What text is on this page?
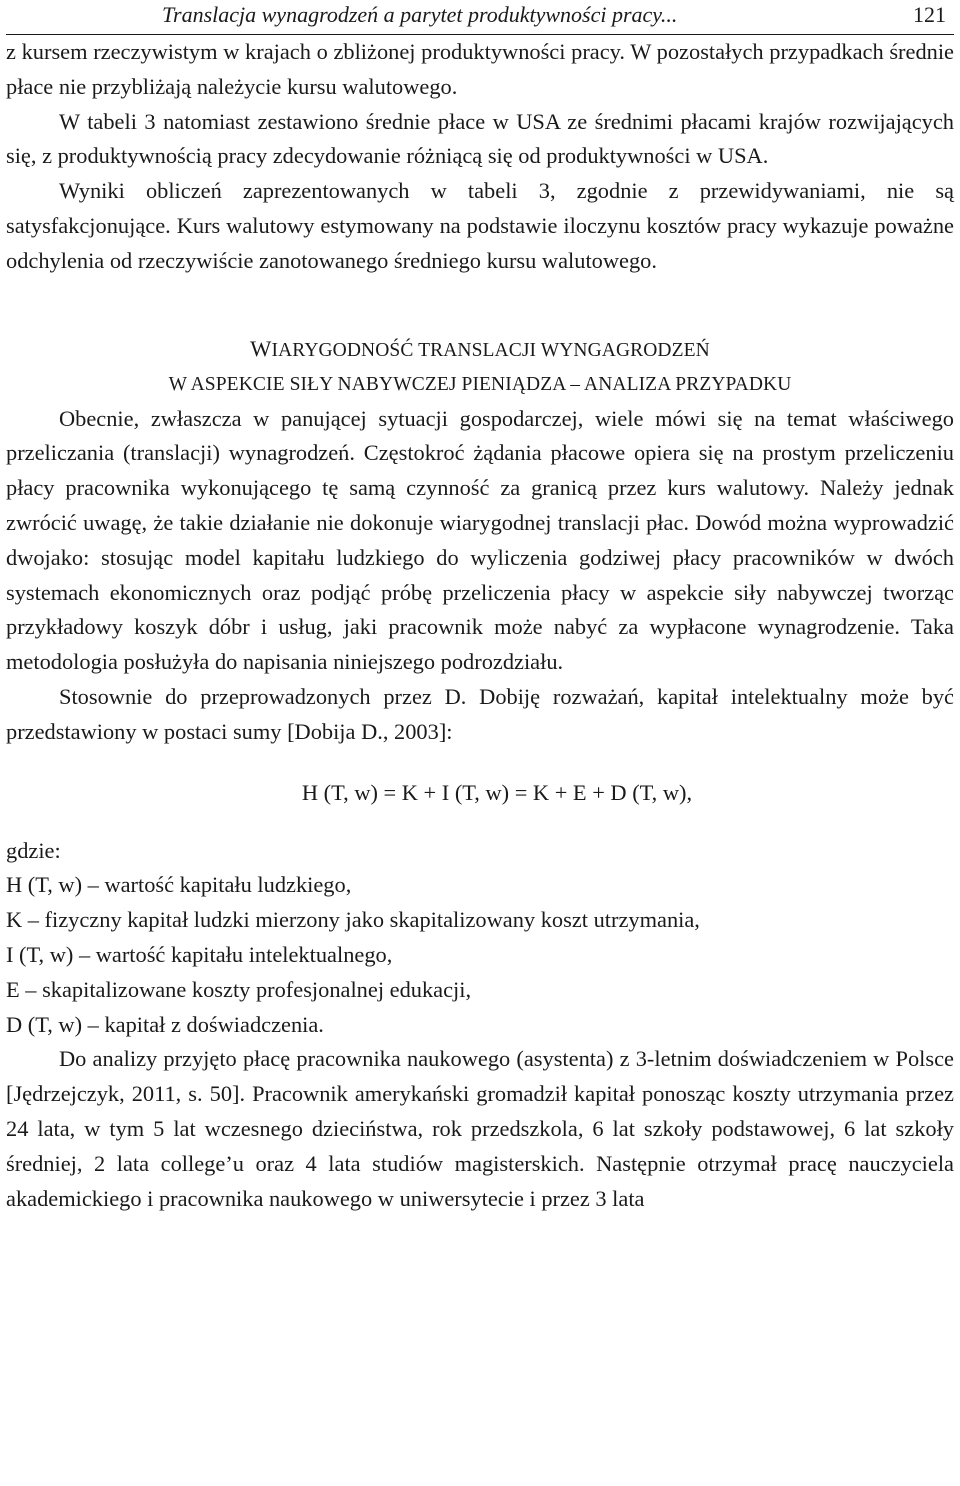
Translacja wynagrodzeń a parytet produktywności pracy...	121

z kursem rzeczywistym w krajach o zbliżonej produktywności pracy. W pozostałych przypadkach średnie płace nie przybliżają należycie kursu walutowego.

W tabeli 3 natomiast zestawiono średnie płace w USA ze średnimi płacami krajów rozwijających się, z produktywnością pracy zdecydowanie różniącą się od produktywności w USA.

Wyniki obliczeń zaprezentowanych w tabeli 3, zgodnie z przewidywaniami, nie są satysfakcjonujące. Kurs walutowy estymowany na podstawie iloczynu kosztów pracy wykazuje poważne odchylenia od rzeczywiście zanotowanego średniego kursu walutowego.

WIARYGODNOŚĆ TRANSLACJI WYNGAGRODZEŃ
W ASPEKCIE SIŁY NABYWCZEJ PIENIĄDZA – ANALIZA PRZYPADKU

Obecnie, zwłaszcza w panującej sytuacji gospodarczej, wiele mówi się na temat właściwego przeliczania (translacji) wynagrodzeń. Częstokroć żądania płacowe opiera się na prostym przeliczeniu płacy pracownika wykonującego tę samą czynność za granicą przez kurs walutowy. Należy jednak zwrócić uwagę, że takie działanie nie dokonuje wiarygodnej translacji płac. Dowód można wyprowadzić dwojako: stosując model kapitału ludzkiego do wyliczenia godziwej płacy pracowników w dwóch systemach ekonomicznych oraz podjąć próbę przeliczenia płacy w aspekcie siły nabywczej tworząc przykładowy koszyk dóbr i usług, jaki pracownik może nabyć za wypłacone wynagrodzenie. Taka metodologia posłużyła do napisania niniejszego podrozdziału.

Stosownie do przeprowadzonych przez D. Dobiję rozważań, kapitał intelektualny może być przedstawiony w postaci sumy [Dobija D., 2003]:

H (T, w) = K + I (T, w) = K + E + D (T, w),

gdzie:

H (T, w) – wartość kapitału ludzkiego,

K – fizyczny kapitał ludzki mierzony jako skapitalizowany koszt utrzymania,

I (T, w) – wartość kapitału intelektualnego,

E – skapitalizowane koszty profesjonalnej edukacji,

D (T, w) – kapitał z doświadczenia.

Do analizy przyjęto płacę pracownika naukowego (asystenta) z 3-letnim doświadczeniem w Polsce [Jędrzejczyk, 2011, s. 50]. Pracownik amerykański gromadził kapitał ponosząc koszty utrzymania przez 24 lata, w tym 5 lat wczesnego dzieciństwa, rok przedszkola, 6 lat szkoły podstawowej, 6 lat szkoły średniej, 2 lata college’u oraz 4 lata studiów magisterskich. Następnie otrzymał pracę nauczyciela akademickiego i pracownika naukowego w uniwersytecie i przez 3 lata
